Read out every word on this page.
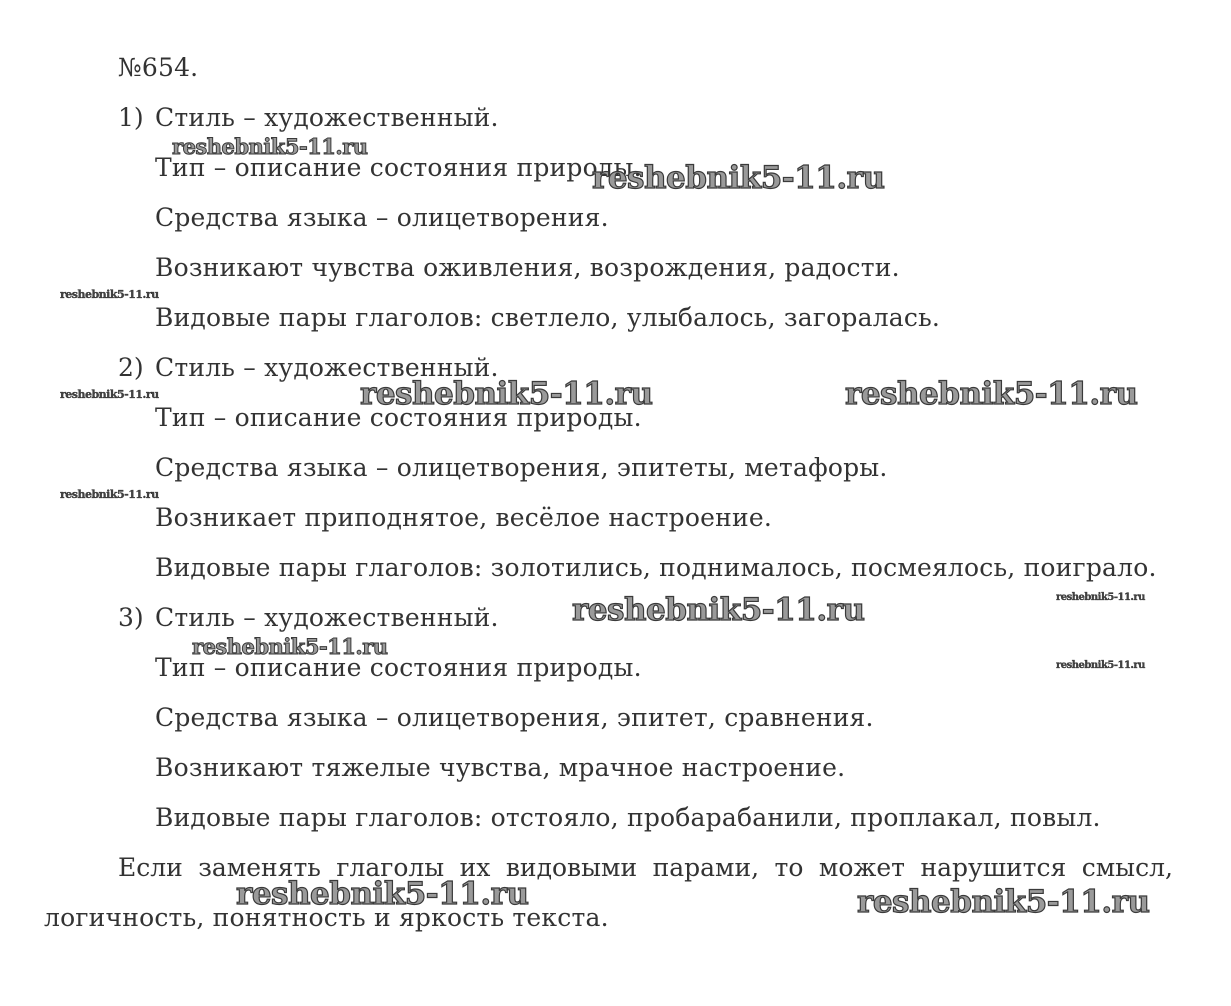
№654.
1) Стиль – художественный.
Тип – описание состояния природы.
Средства языка – олицетворения.
Возникают чувства оживления, возрождения, радости.
Видовые пары глаголов: светлело, улыбалось, загоралась.
2) Стиль – художественный.
Тип – описание состояния природы.
Средства языка – олицетворения, эпитеты, метафоры.
Возникает приподнятое, весёлое настроение.
Видовые пары глаголов: золотились, поднималось, посмеялось, поиграло.
3) Стиль – художественный.
Тип – описание состояния природы.
Средства языка – олицетворения, эпитет, сравнения.
Возникают тяжелые чувства, мрачное настроение.
Видовые пары глаголов: отстояло, пробарабанили, проплакал, повыл.
Если заменять глаголы их видовыми парами, то может нарушится смысл,
логичность, понятность и яркость текста.
reshebnik5-11.ru
reshebnik5-11.ru
reshebnik5-11.ru
reshebnik5-11.ru	reshebnik5-11.ru	reshebnik5-11.ru
reshebnik5-11.ru
reshebnik5-11.ru
reshebnik5-11.ru
reshebnik5-11.ru
reshebnik5-11.ru
reshebnik5-11.ru	reshebnik5-11.ru
